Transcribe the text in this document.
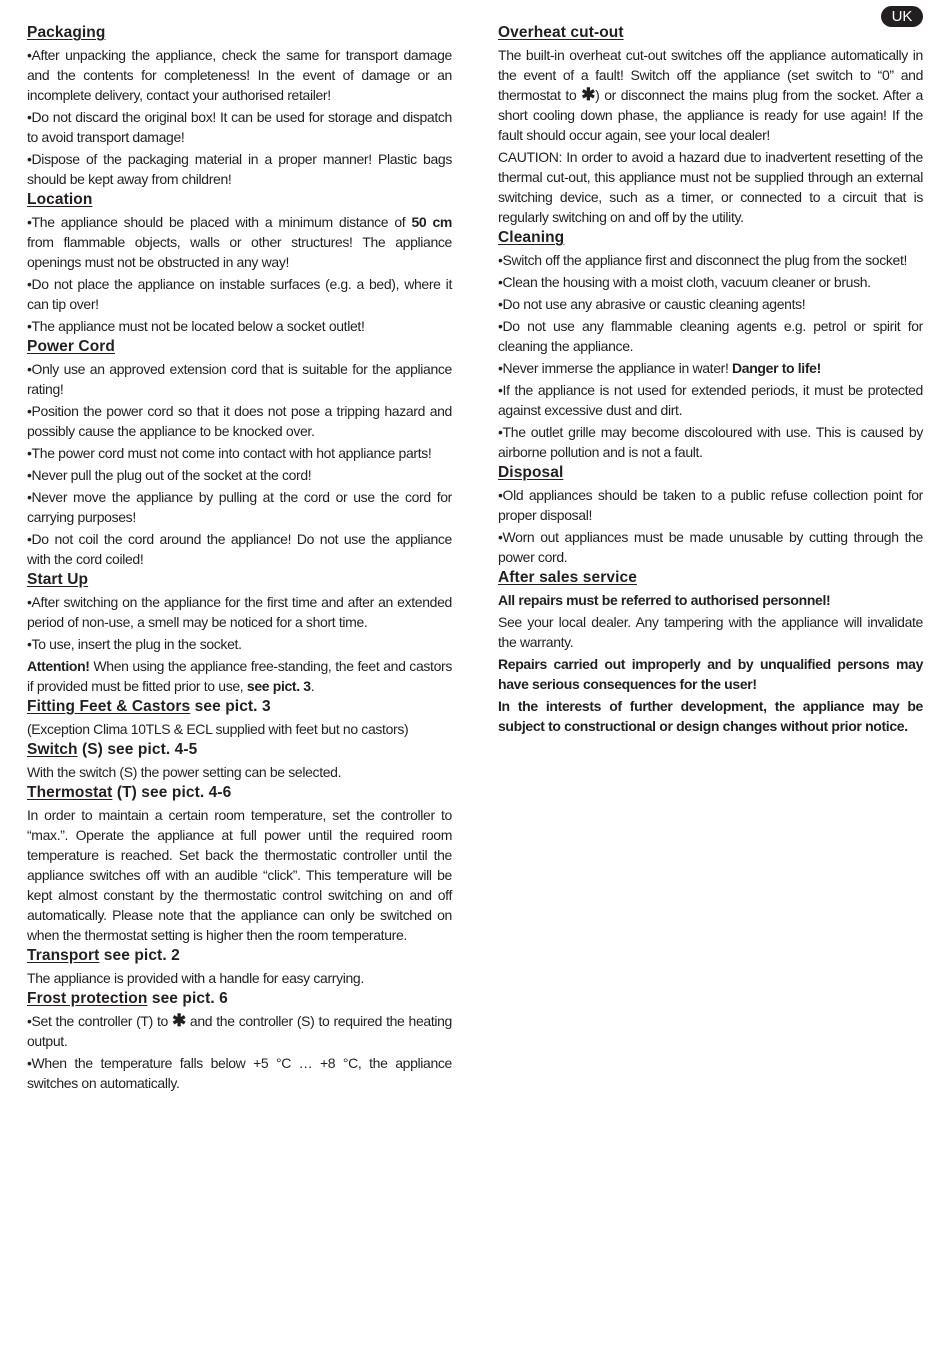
UK
Packaging

•After unpacking the appliance, check the same for transport damage and the contents for completeness! In the event of damage or an incomplete delivery, contact your authorised retailer!

•Do not discard the original box! It can be used for storage and dispatch to avoid transport damage!

•Dispose of the packaging material in a proper manner! Plastic bags should be kept away from children!

Location

•The appliance should be placed with a minimum distance of 50 cm from flammable objects, walls or other structures! The appliance openings must not be obstructed in any way!

•Do not place the appliance on instable surfaces (e.g. a bed), where it can tip over!

•The appliance must not be located below a socket outlet!

Power Cord

•Only use an approved extension cord that is suitable for the appliance rating!

•Position the power cord so that it does not pose a tripping hazard and possibly cause the appliance to be knocked over.

•The power cord must not come into contact with hot appliance parts!

•Never pull the plug out of the socket at the cord!

•Never move the appliance by pulling at the cord or use the cord for carrying purposes!

•Do not coil the cord around the appliance! Do not use the appliance with the cord coiled!

Start Up

•After switching on the appliance for the first time and after an extended period of non-use, a smell may be noticed for a short time.

•To use, insert the plug in the socket.

Attention! When using the appliance free-standing, the feet and castors if provided must be fitted prior to use, see pict. 3.

Fitting Feet & Castors see pict. 3

(Exception Clima 10TLS & ECL supplied with feet but no castors)

Switch (S) see pict. 4-5

With the switch (S) the power setting can be selected.

Thermostat (T) see pict. 4-6

In order to maintain a certain room temperature, set the controller to “max.”. Operate the appliance at full power until the required room temperature is reached. Set back the thermostatic controller until the appliance switches off with an audible “click”. This temperature will be kept almost constant by the thermostatic control switching on and off automatically. Please note that the appliance can only be switched on when the thermostat setting is higher then the room temperature.

Transport see pict. 2

The appliance is provided with a handle for easy carrying.

Frost protection see pict. 6

•Set the controller (T) to ✱ and the controller (S) to required the heating output.

•When the temperature falls below +5 °C … +8 °C, the appliance switches on automatically.

Overheat cut-out

The built-in overheat cut-out switches off the appliance automatically in the event of a fault! Switch off the appliance (set switch to “0” and thermostat to ✱) or disconnect the mains plug from the socket. After a short cooling down phase, the appliance is ready for use again! If the fault should occur again, see your local dealer!

CAUTION: In order to avoid a hazard due to inadvertent resetting of the thermal cut-out, this appliance must not be supplied through an external switching device, such as a timer, or connected to a circuit that is regularly switching on and off by the utility.

Cleaning

•Switch off the appliance first and disconnect the plug from the socket!

•Clean the housing with a moist cloth, vacuum cleaner or brush.

•Do not use any abrasive or caustic cleaning agents!

•Do not use any flammable cleaning agents e.g. petrol or spirit for cleaning the appliance.

•Never immerse the appliance in water! Danger to life!

•If the appliance is not used for extended periods, it must be protected against excessive dust and dirt.

•The outlet grille may become discoloured with use. This is caused by airborne pollution and is not a fault.

Disposal

•Old appliances should be taken to a public refuse collection point for proper disposal!

•Worn out appliances must be made unusable by cutting through the power cord.

After sales service

All repairs must be referred to authorised personnel!

See your local dealer. Any tampering with the appliance will invalidate the warranty.

Repairs carried out improperly and by unqualified persons may have serious consequences for the user!

In the interests of further development, the appliance may be subject to constructional or design changes without prior notice.
